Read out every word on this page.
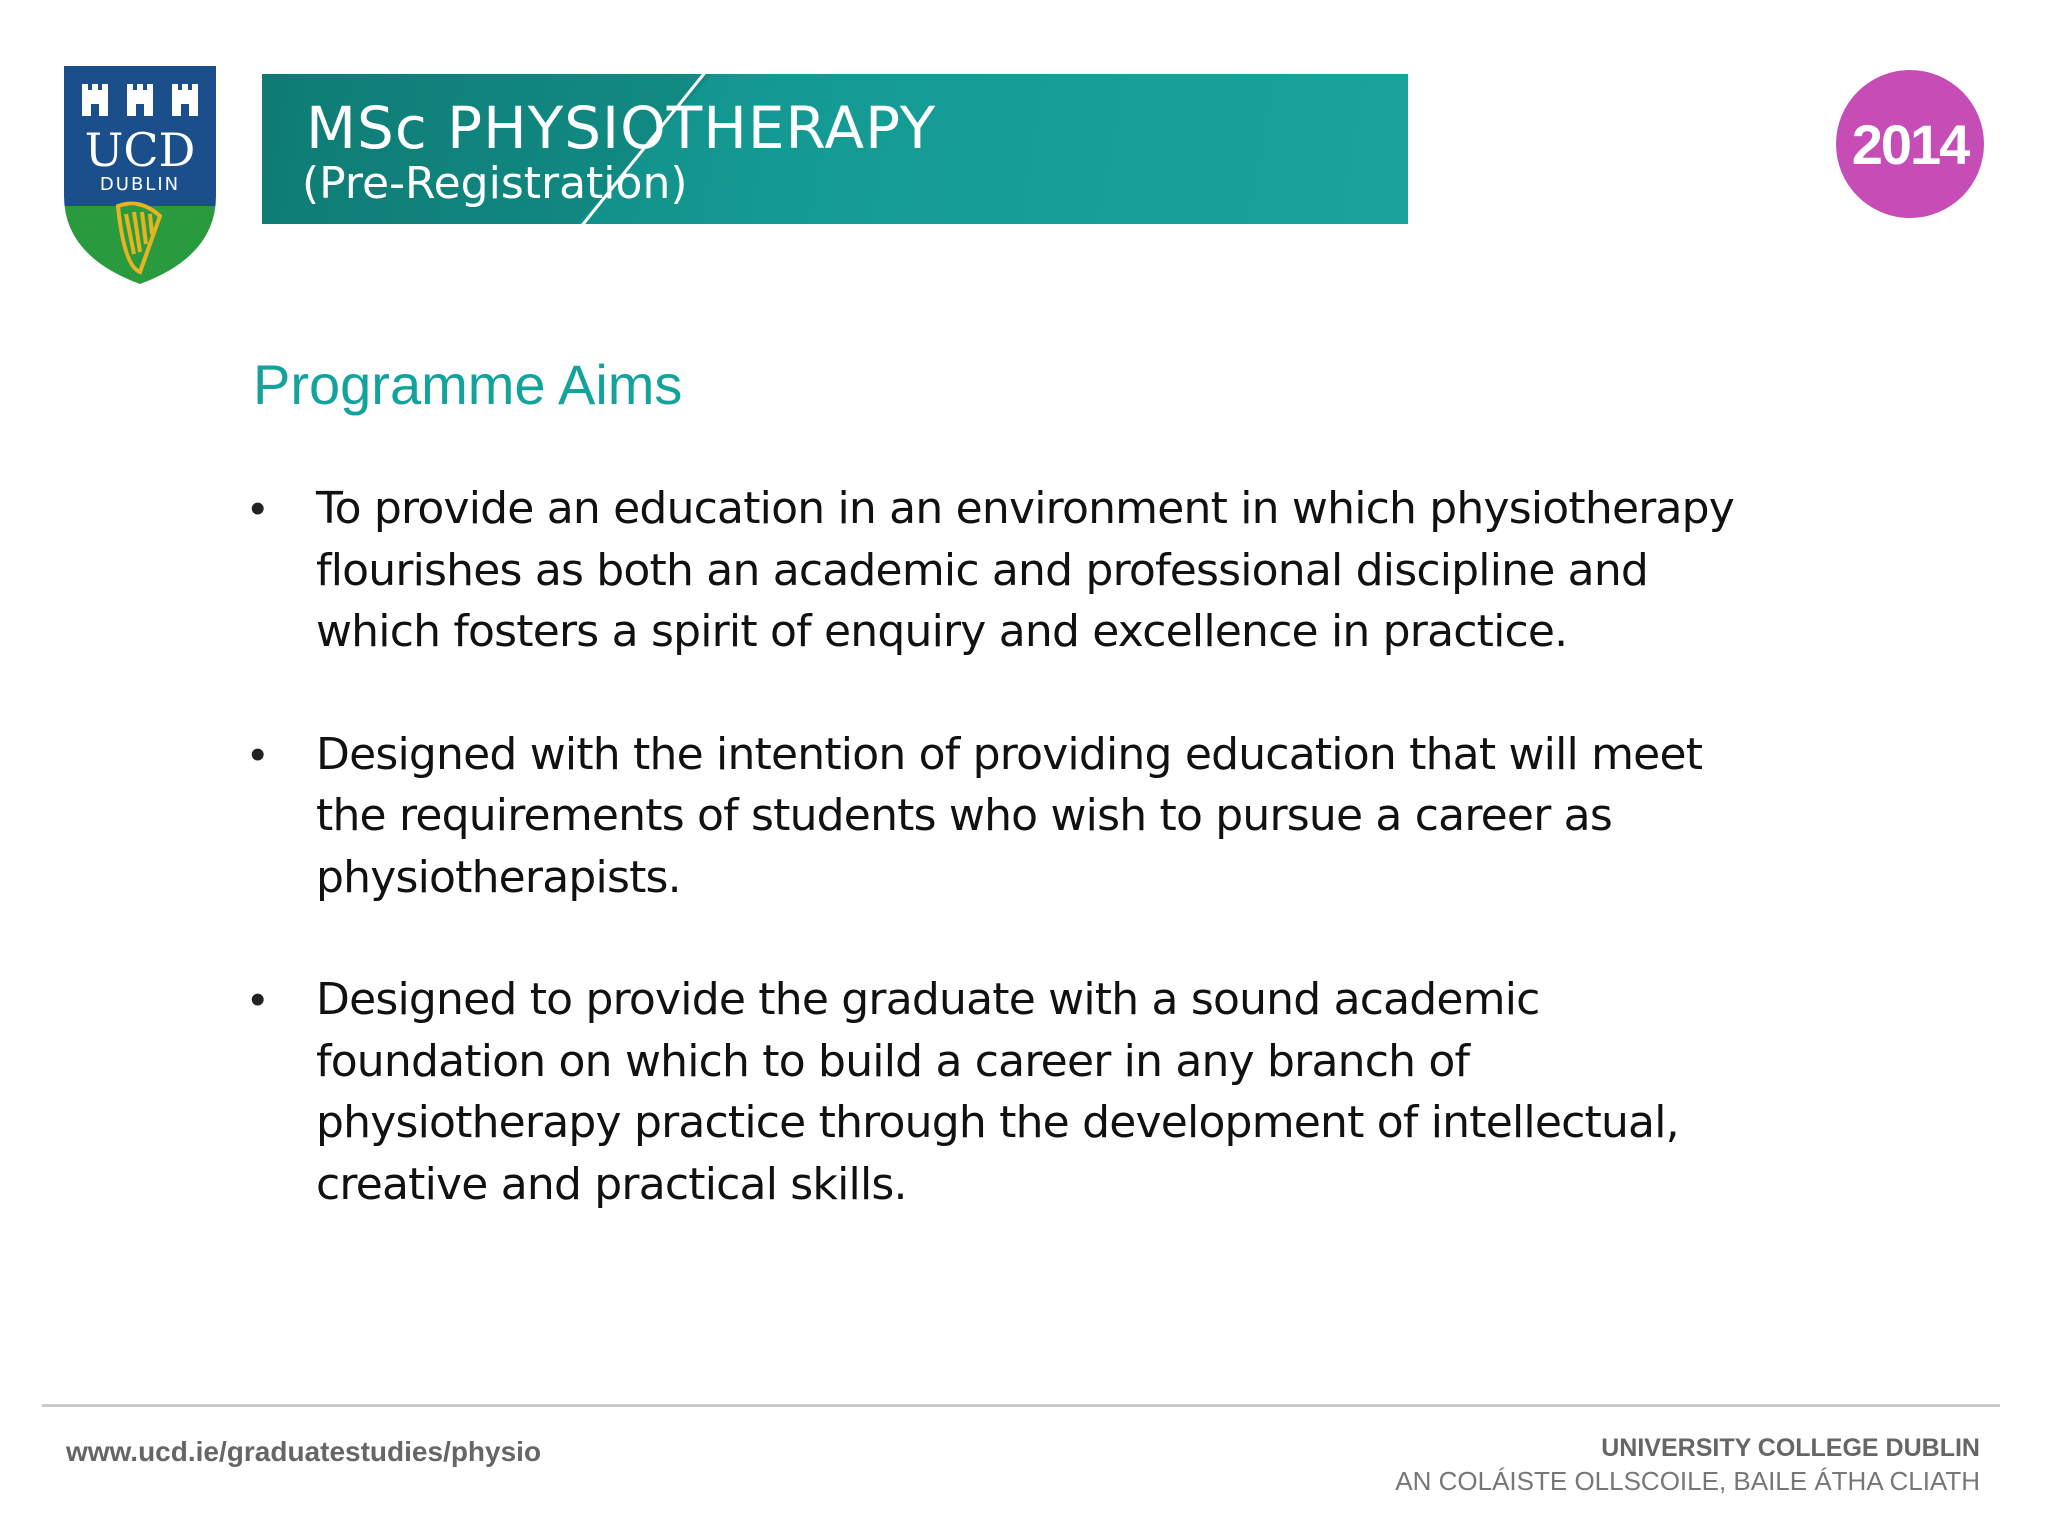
UCD
DUBLIN
MSc PHYSIOTHERAPY
(Pre-Registration)
2014
Programme Aims
• To provide an education in an environment in which physiotherapy flourishes as both an academic and professional discipline and which fosters a spirit of enquiry and excellence in practice.
• Designed with the intention of providing education that will meet the requirements of students who wish to pursue a career as physiotherapists.
• Designed to provide the graduate with a sound academic foundation on which to build a career in any branch of physiotherapy practice through the development of intellectual, creative and practical skills.
www.ucd.ie/graduatestudies/physio	UNIVERSITY COLLEGE DUBLIN
AN COLÁISTE OLLSCOILE, BAILE ÁTHA CLIATH
